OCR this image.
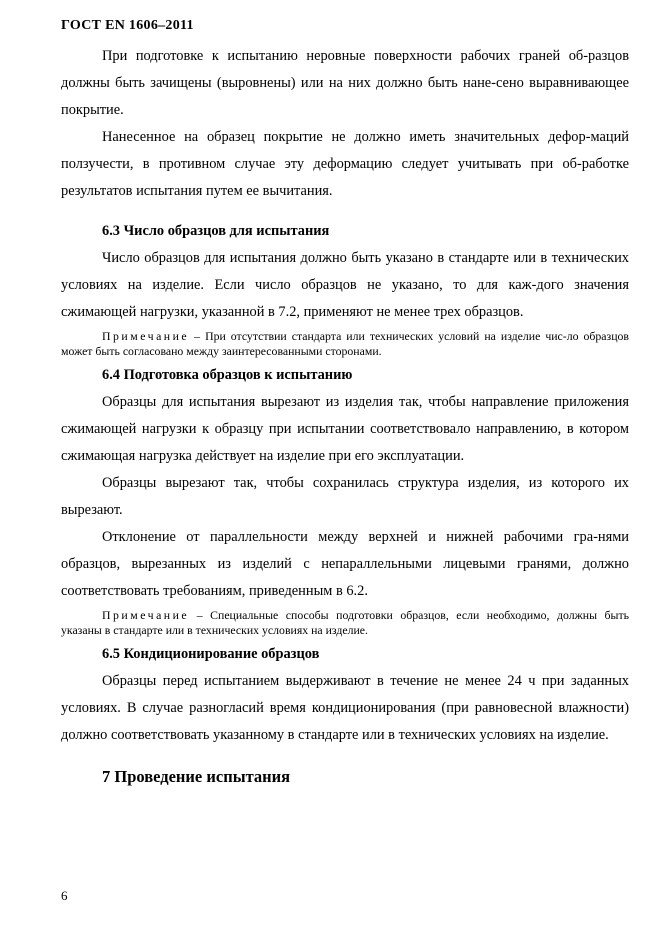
ГОСТ EN 1606–2011

При подготовке к испытанию неровные поверхности рабочих граней об-разцов должны быть зачищены (выровнены) или на них должно быть нане-сено выравнивающее покрытие.

Нанесенное на образец покрытие не должно иметь значительных дефор-маций ползучести, в противном случае эту деформацию следует учитывать при об-работке результатов испытания путем ее вычитания.

6.3 Число образцов для испытания

Число образцов для испытания должно быть указано в стандарте или в технических условиях на изделие. Если число образцов не указано, то для каж-дого значения сжимающей нагрузки, указанной в 7.2, применяют не менее трех образцов.

Примечание – При отсутствии стандарта или технических условий на изделие чис-ло образцов может быть согласовано между заинтересованными сторонами.
6.4 Подготовка образцов к испытанию

Образцы для испытания вырезают из изделия так, чтобы направление приложения сжимающей нагрузки к образцу при испытании соответствовало направлению, в котором сжимающая нагрузка действует на изделие при его эксплуатации.

Образцы вырезают так, чтобы сохранилась структура изделия, из которого их вырезают.

Отклонение от параллельности между верхней и нижней рабочими гра-нями образцов, вырезанных из изделий с непараллельными лицевыми гранями, должно соответствовать требованиям, приведенным в 6.2.

Примечание – Специальные способы подготовки образцов, если необходимо, должны быть указаны в стандарте или в технических условиях на изделие.
6.5 Кондиционирование образцов

Образцы перед испытанием выдерживают в течение не менее 24 ч при заданных условиях. В случае разногласий время кондиционирования (при равновесной влажности) должно соответствовать указанному в стандарте или в технических условиях на изделие.

7 Проведение испытания
6
